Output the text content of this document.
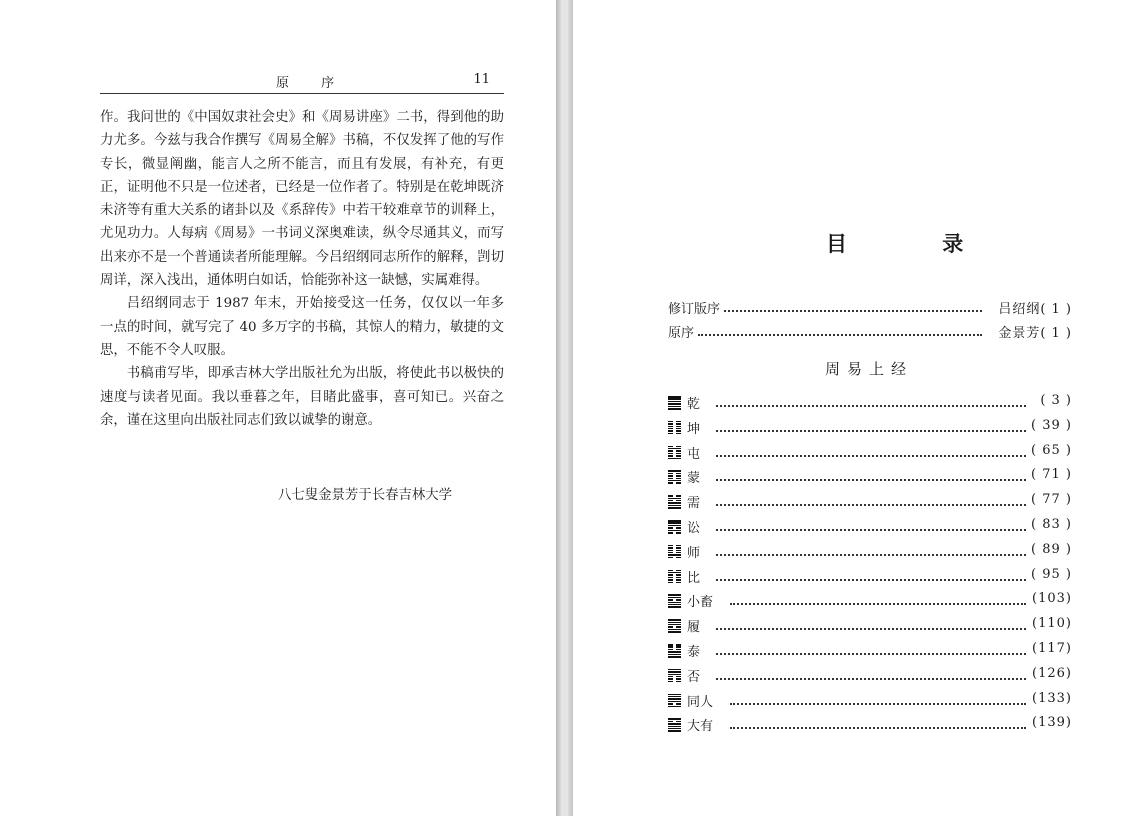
原 序	11

作。我问世的《中国奴隶社会史》和《周易讲座》二书，得到他的助力尤多。今兹与我合作撰写《周易全解》书稿，不仅发挥了他的写作专长，微显阐幽，能言人之所不能言，而且有发展，有补充，有更正，证明他不只是一位述者，已经是一位作者了。特别是在乾坤既济未济等有重大关系的诸卦以及《系辞传》中若干较难章节的训释上，尤见功力。人每病《周易》一书词义深奥难读，纵令尽通其义，而写出来亦不是一个普通读者所能理解。今吕绍纲同志所作的解释，剀切周详，深入浅出，通体明白如话，恰能弥补这一缺憾，实属难得。

吕绍纲同志于 1987 年末，开始接受这一任务，仅仅以一年多一点的时间，就写完了 40 多万字的书稿，其惊人的精力，敏捷的文思，不能不令人叹服。

书稿甫写毕，即承吉林大学出版社允为出版，将使此书以极快的速度与读者见面。我以垂暮之年，目睹此盛事，喜可知已。兴奋之余，谨在这里向出版社同志们致以诚挚的谢意。

八七叟金景芳于长春吉林大学
目 录
修订版序	吕绍纲( 1 )
原序	金景芳( 1 )
周易上经
乾	( 3 )
坤	( 39 )
屯	( 65 )
蒙	( 71 )
需	( 77 )
讼	( 83 )
师	( 89 )
比	( 95 )
小畜	(103)
履	(110)
泰	(117)
否	(126)
同人	(133)
大有	(139)
